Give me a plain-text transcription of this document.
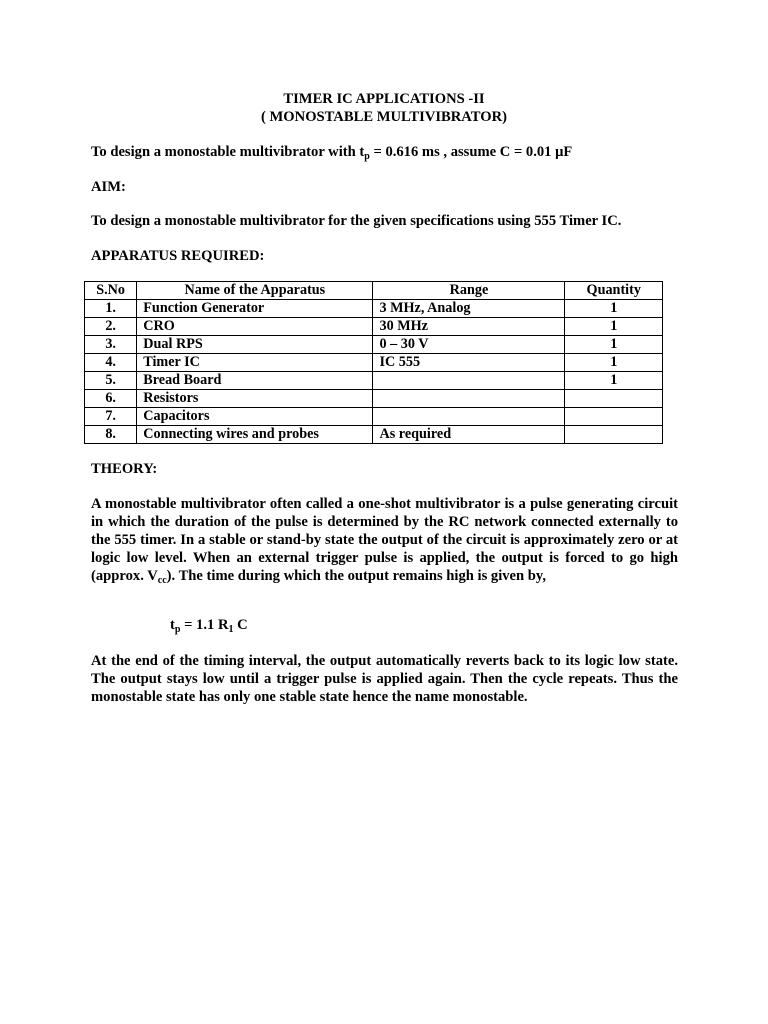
TIMER IC APPLICATIONS -II
( MONOSTABLE MULTIVIBRATOR)
To design a monostable multivibrator with $t_p = 0.616$ ms , assume C = 0.01 μF
AIM:
To design a monostable multivibrator for the given specifications using 555 Timer IC.
APPARATUS REQUIRED:
S.No	Name of the Apparatus	Range	Quantity
1.	Function Generator	3 MHz, Analog	1
2.	CRO	30 MHz	1
3.	Dual RPS	0 – 30 V	1
4.	Timer IC	IC 555	1
5.	Bread Board		1
6.	Resistors		
7.	Capacitors		
8.	Connecting wires and probes	As required	
THEORY:
A monostable multivibrator often called a one-shot multivibrator is a pulse generating circuit in which the duration of the pulse is determined by the RC network connected externally to the 555 timer. In a stable or stand-by state the output of the circuit is approximately zero or at logic low level. When an external trigger pulse is applied, the output is forced to go high (approx. $V_{cc}$). The time during which the output remains high is given by,
$t_p = 1.1$ $R_1$ C
At the end of the timing interval, the output automatically reverts back to its logic low state. The output stays low until a trigger pulse is applied again. Then the cycle repeats. Thus the monostable state has only one stable state hence the name monostable.
